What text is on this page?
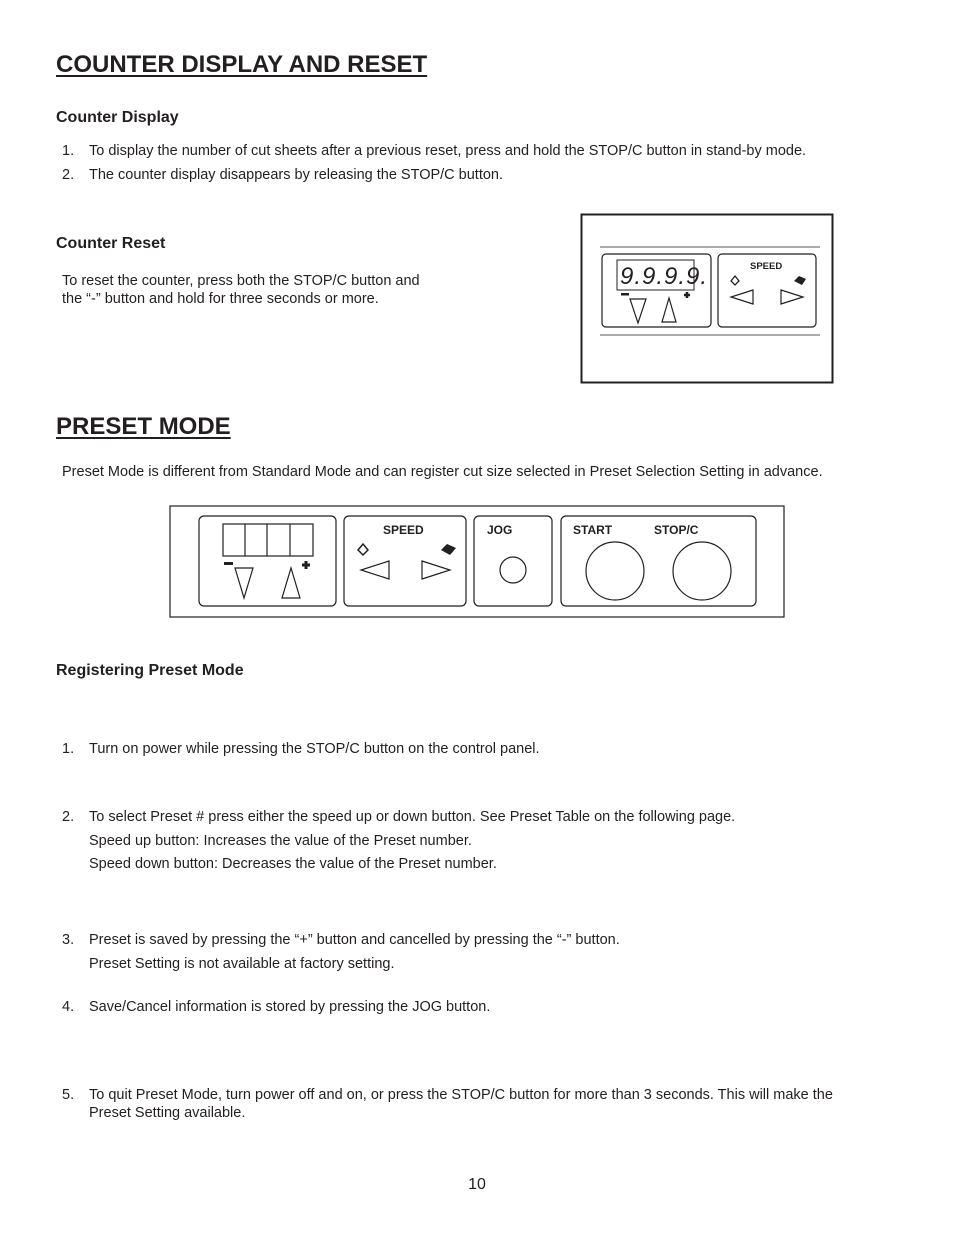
COUNTER DISPLAY AND RESET
Counter Display
1. To display the number of cut sheets after a previous reset, press and hold the STOP/C button in stand-by mode.
2. The counter display disappears by releasing the STOP/C button.
Counter Reset
To reset the counter, press both the STOP/C button and
the “-” button and hold for three seconds or more.
9.9.9.9.	SPEED
PRESET MODE
Preset Mode is different from Standard Mode and can register cut size selected in Preset Selection Setting in advance.
SPEED	JOG	START	STOP/C
Registering Preset Mode
1. Turn on power while pressing the STOP/C button on the control panel.
2. To select Preset # press either the speed up or down button. See Preset Table on the following page.
Speed up button: Increases the value of the Preset number.
Speed down button: Decreases the value of the Preset number.
3. Preset is saved by pressing the “+” button and cancelled by pressing the “-” button.
Preset Setting is not available at factory setting.
4. Save/Cancel information is stored by pressing the JOG button.
5. To quit Preset Mode, turn power off and on, or press the STOP/C button for more than 3 seconds. This will make the
Preset Setting available.
10
